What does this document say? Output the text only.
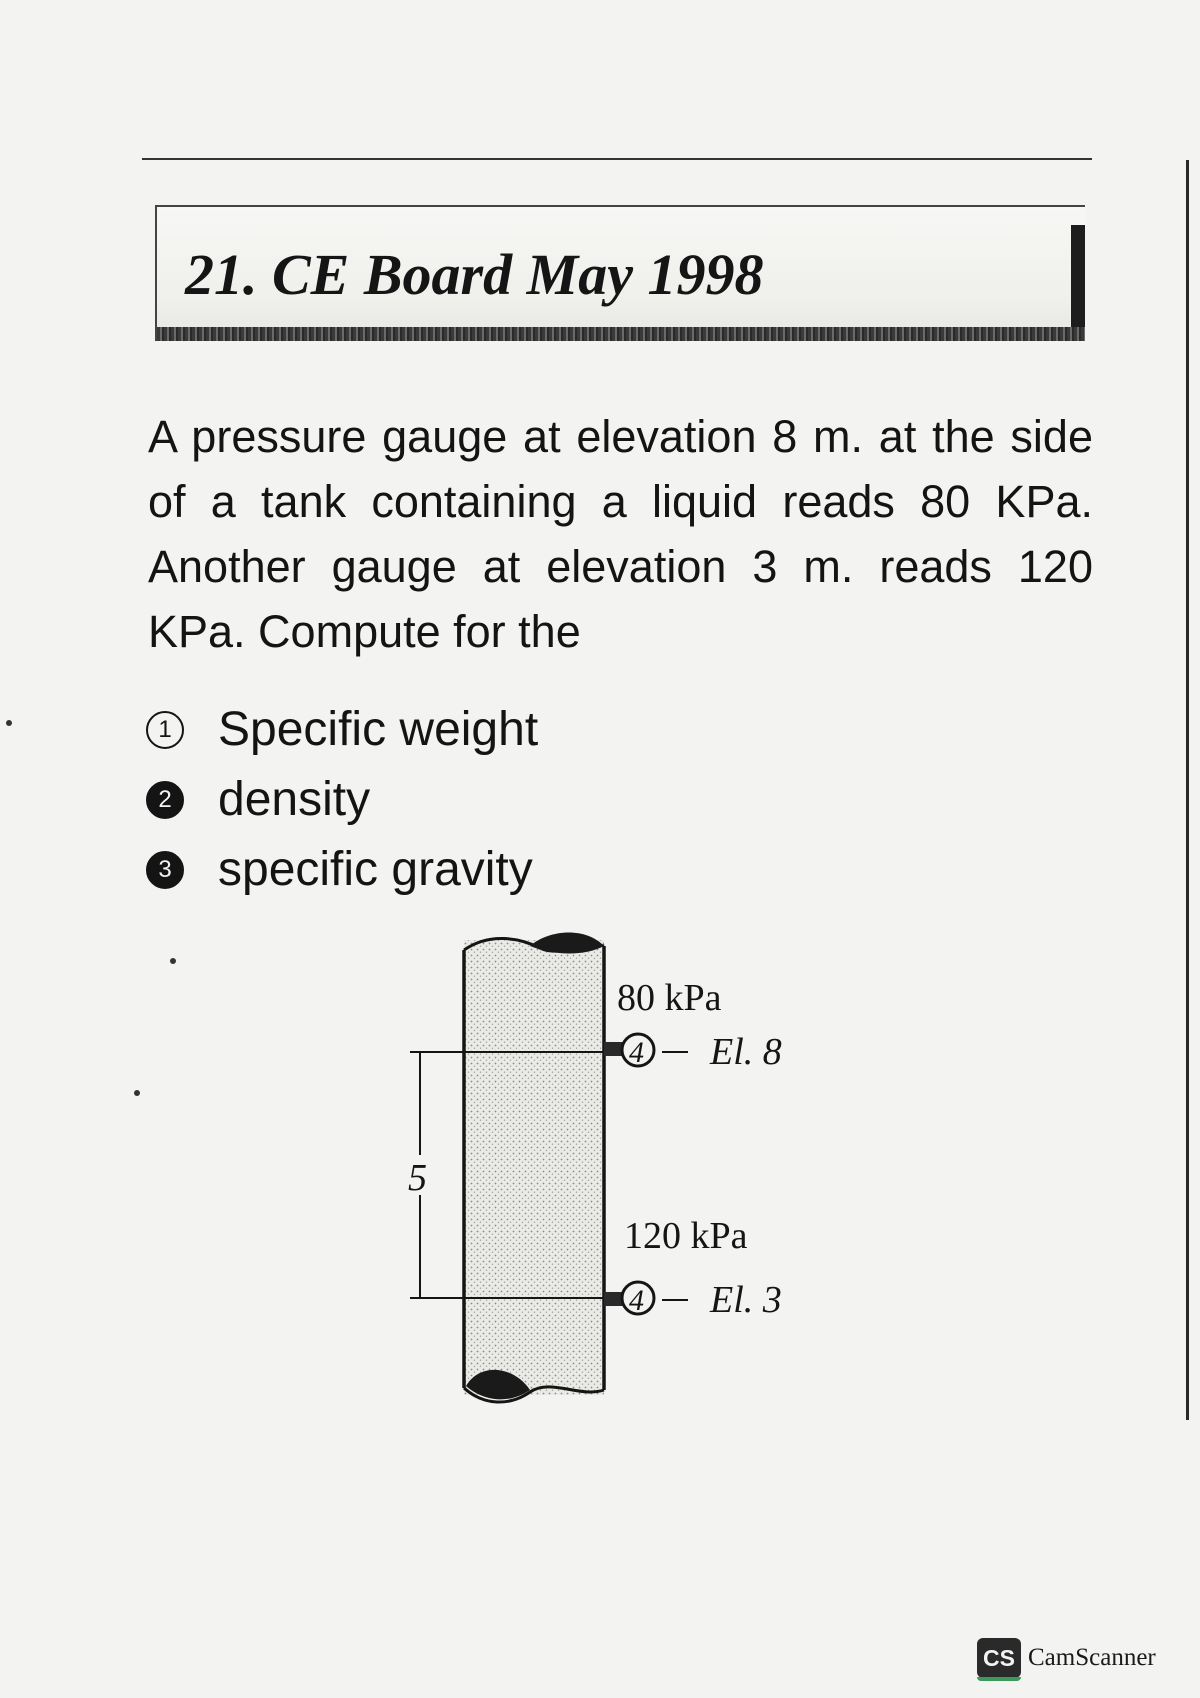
21. CE Board May 1998
A pressure gauge at elevation 8 m. at the side of a tank containing a liquid reads 80 KPa. Another gauge at elevation 3 m. reads 120 KPa. Compute for the
1 Specific weight
2 density
3 specific gravity
5
4
80 kPa
El. 8
4
120 kPa
El. 3
CS CamScanner
